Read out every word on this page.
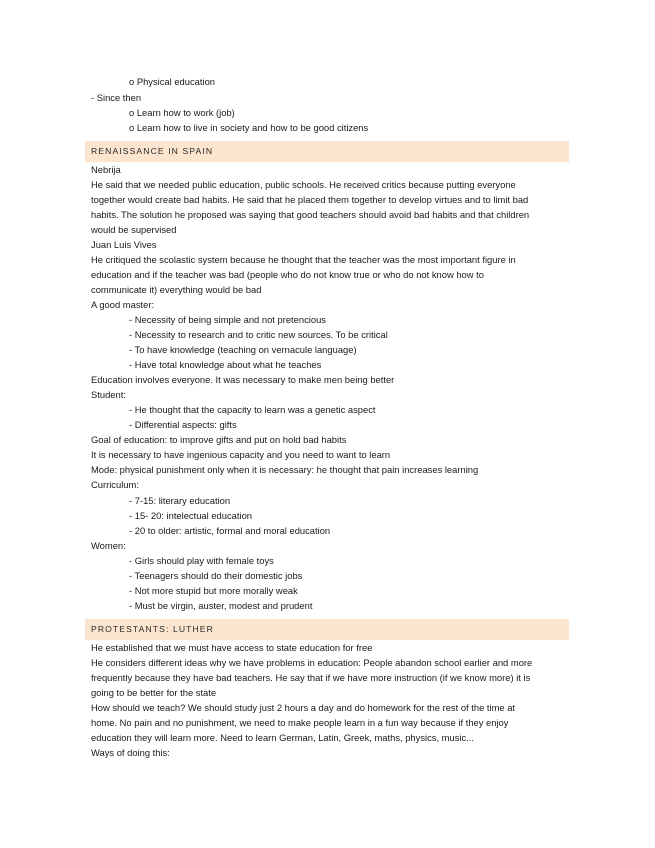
o Physical education
- Since then
o Learn how to work (job)
o Learn how to live in society and how to be good citizens
RENAISSANCE IN SPAIN
Nebrija
He said that we needed public education, public schools. He received critics because putting everyone
together would create bad habits. He said that he placed them together to develop virtues and to limit bad
habits. The solution he proposed was saying that good teachers should avoid bad habits and that children
would be supervised
Juan Luis Vives
He critiqued the scolastic system because he thought that the teacher was the most important figure in
education and if the teacher was bad (people who do not know true or who do not know how to
communicate it) everything would be bad
A good master:
- Necessity of being simple and not pretencious
- Necessity to research and to critic new sources. To be critical
- To have knowledge (teaching on vernacule language)
- Have total knowledge about what he teaches
Education involves everyone. It was necessary to make men being better
Student:
- He thought that the capacity to learn was a genetic aspect
- Differential aspects: gifts
Goal of education: to improve gifts and put on hold bad habits
It is necessary to have ingenious capacity and you need to want to learn
Mode: physical punishment only when it is necessary: he thought that pain increases learning
Curriculum:
- 7-15: literary education
- 15- 20: intelectual education
- 20 to older: artistic, formal and moral education
Women:
- Girls should play with female toys
- Teenagers should do their domestic jobs
- Not more stupid but more morally weak
- Must be virgin, auster, modest and prudent
PROTESTANTS: LUTHER
He established that we must have access to state education for free
He considers different ideas why we have problems in education: People abandon school earlier and more
frequently because they have bad teachers. He say that if we have more instruction (if we know more) it is
going to be better for the state
How should we teach? We should study just 2 hours a day and do homework for the rest of the time at
home. No pain and no punishment, we need to make people learn in a fun way because if they enjoy
education they will learn more. Need to learn German, Latin, Greek, maths, physics, music...
Ways of doing this:
